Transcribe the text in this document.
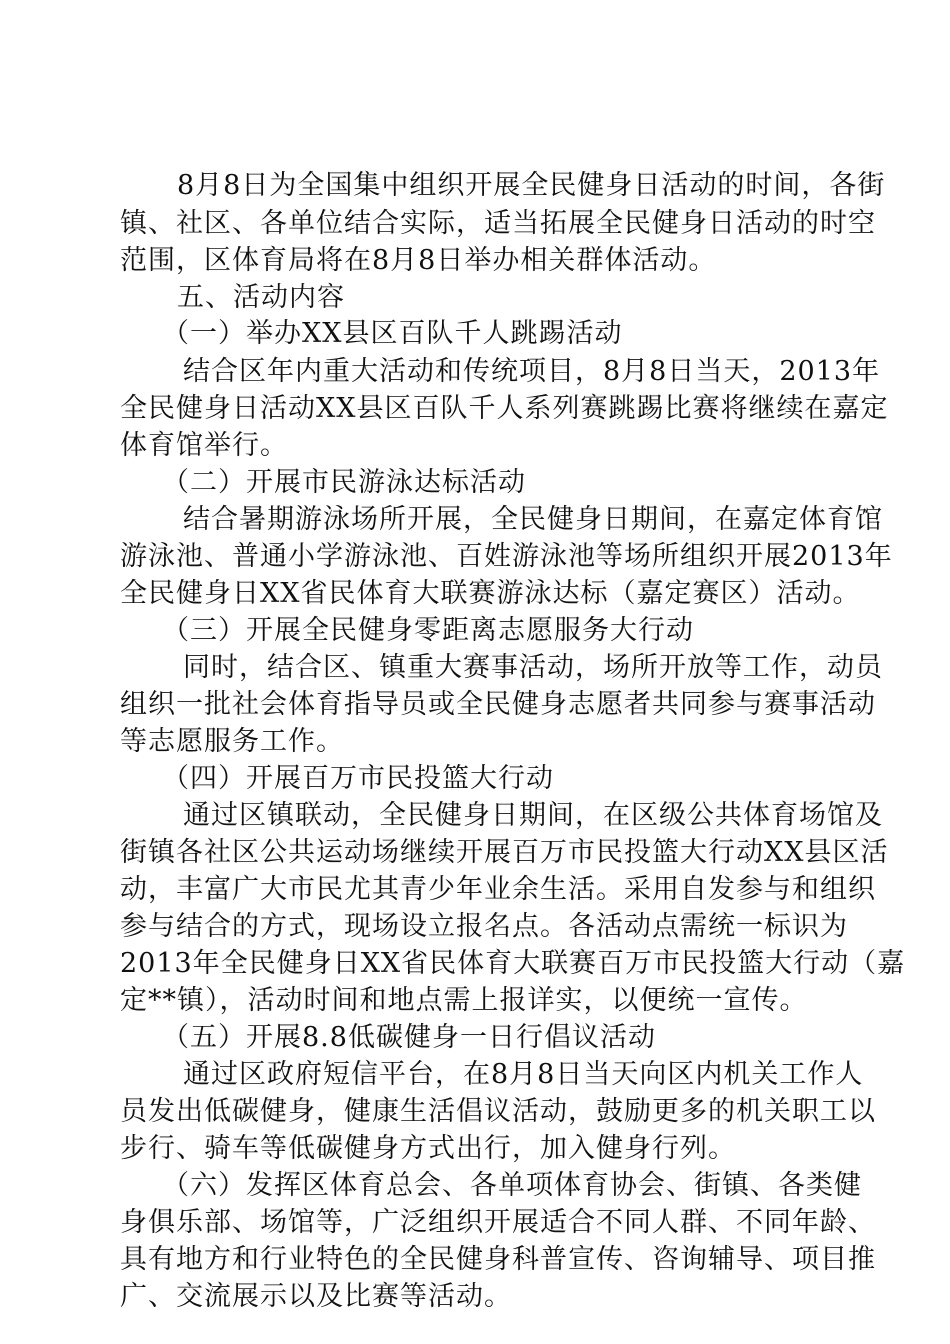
8月8日为全国集中组织开展全民健身日活动的时间，各街
镇、社区、各单位结合实际，适当拓展全民健身日活动的时空
范围，区体育局将在8月8日举办相关群体活动。
五、活动内容
（一）举办XX县区百队千人跳踢活动
结合区年内重大活动和传统项目，8月8日当天，2013年
全民健身日活动XX县区百队千人系列赛跳踢比赛将继续在嘉定
体育馆举行。
（二）开展市民游泳达标活动
结合暑期游泳场所开展，全民健身日期间，在嘉定体育馆
游泳池、普通小学游泳池、百姓游泳池等场所组织开展2013年
全民健身日XX省民体育大联赛游泳达标（嘉定赛区）活动。
（三）开展全民健身零距离志愿服务大行动
同时，结合区、镇重大赛事活动，场所开放等工作，动员
组织一批社会体育指导员或全民健身志愿者共同参与赛事活动
等志愿服务工作。
（四）开展百万市民投篮大行动
通过区镇联动，全民健身日期间，在区级公共体育场馆及
街镇各社区公共运动场继续开展百万市民投篮大行动XX县区活
动，丰富广大市民尤其青少年业余生活。采用自发参与和组织
参与结合的方式，现场设立报名点。各活动点需统一标识为
2013年全民健身日XX省民体育大联赛百万市民投篮大行动（嘉
定**镇），活动时间和地点需上报详实，以便统一宣传。
（五）开展8.8低碳健身一日行倡议活动
通过区政府短信平台，在8月8日当天向区内机关工作人
员发出低碳健身，健康生活倡议活动，鼓励更多的机关职工以
步行、骑车等低碳健身方式出行，加入健身行列。
（六）发挥区体育总会、各单项体育协会、街镇、各类健
身俱乐部、场馆等，广泛组织开展适合不同人群、不同年龄、
具有地方和行业特色的全民健身科普宣传、咨询辅导、项目推
广、交流展示以及比赛等活动。
